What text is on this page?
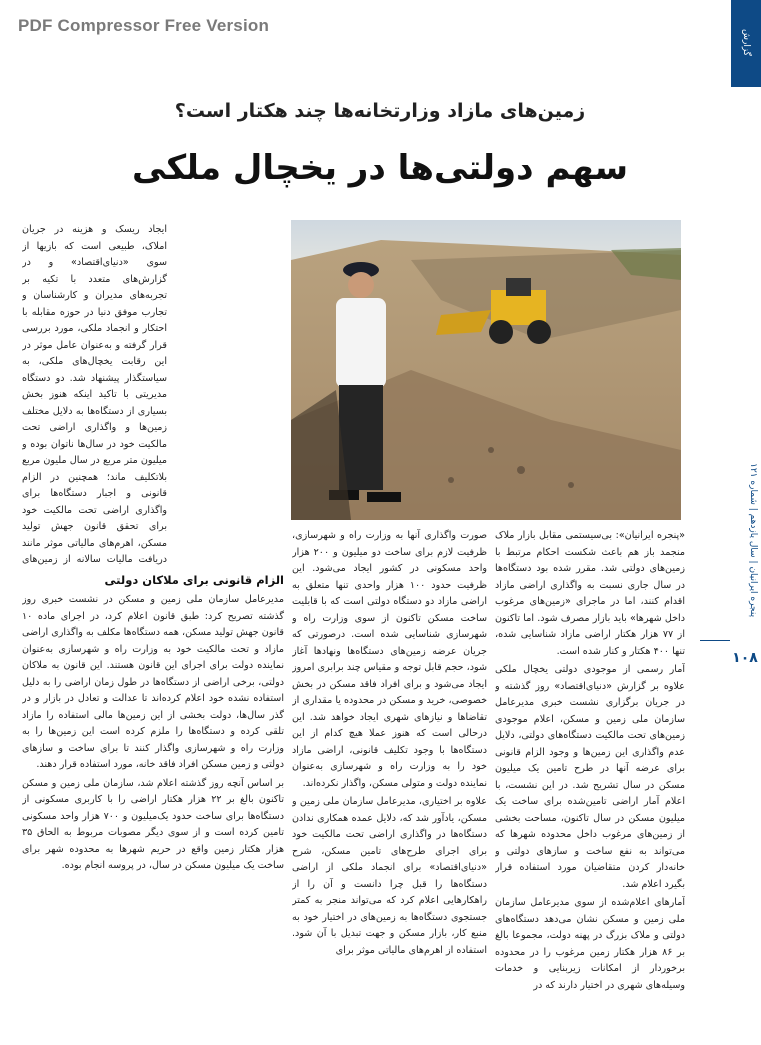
PDF Compressor Free Version
گزارش
پنجره ایرانیان | سال یازدهم | شماره ۱۲۱
۱۰۸
زمین‌های مازاد وزارتخانه‌ها چند هکتار است؟
سهم دولتی‌ها در یخچال ملکی
الزام قانونی برای ملاکان دولتی

مدیرعامل سازمان ملی زمین و مسکن در نشست خبری روز گذشته تصریح کرد: طبق قانون اعلام کرد، در اجرای ماده ۱۰ قانون جهش تولید مسکن، همه دستگاه‌ها مکلف به واگذاری اراضی مازاد و تحت مالکیت خود به وزارت راه و شهرسازی به‌عنوان نماینده دولت برای اجرای این قانون هستند. این قانون به ملاکان دولتی، برخی اراضی از دستگاه‌ها در طول زمان اراضی را به دلیل استفاده نشده خود اعلام کرده‌اند تا عدالت و تعادل در بازار و در گذر سال‌ها، دولت بخشی از این زمین‌ها مالی استفاده را مازاد تلقی کرده و دستگاه‌ها را ملزم کرده است این زمین‌ها را به وزارت راه و شهرسازی واگذار کنند تا برای ساخت و سازهای دولتی و زمین مسکن افراد فاقد خانه، مورد استفاده قرار دهند.

بر اساس آنچه روز گذشته اعلام شد، سازمان ملی زمین و مسکن تاکنون بالغ بر ۲۲ هزار هکتار اراضی را با کاربری مسکونی از دستگاه‌ها برای ساخت حدود یک‌میلیون و ۷۰۰ هزار واحد مسکونی تامین کرده است و از سوی دیگر مصوبات مربوط به الحاق ۳۵ هزار هکتار زمین واقع در حریم شهرها به محدوده شهر برای ساخت یک میلیون مسکن در سال، در پروسه انجام بوده.

ایجاد ریسک و هزینه در جریان املاک، طبیعی است که بازیها از سوی «دنیای‌اقتصاد» و در گزارش‌های متعدد با تکیه بر تجربه‌های مدیران و کارشناسان و تجارب موفق دنیا در حوزه مقابله با احتکار و انجماد ملکی، مورد بررسی قرار گرفته و به‌عنوان عامل موثر در این رقابت یخچال‌های ملکی، به سیاستگذار پیشنهاد شد. دو دستگاه مدیریتی با تاکید اینکه هنوز بخش بسیاری از دستگاه‌ها به دلایل مختلف زمین‌ها و واگذاری اراضی تحت مالکیت خود در سال‌ها ناتوان بوده و میلیون متر مربع در سال ملیون مربع بلاتکلیف ماند؛ همچنین در الزام قانونی و اجبار دستگاه‌ها برای واگذاری اراضی تحت مالکیت خود برای تحقق قانون جهش تولید مسکن، اهرم‌های مالیاتی موثر مانند دریافت مالیات سالانه از زمین‌های

صورت واگذاری آنها به وزارت راه و شهرسازی، ظرفیت لازم برای ساخت دو میلیون و ۲۰۰ هزار واحد مسکونی در کشور ایجاد می‌شود. این ظرفیت حدود ۱۰۰ هزار واحدی تنها متعلق به اراضی مازاد دو دستگاه دولتی است که با قابلیت ساخت مسکن تاکنون از سوی وزارت راه و شهرسازی شناسایی شده است. درصورتی که جریان عرضه زمین‌های دستگاه‌ها ونهادها آغاز شود، حجم قابل توجه و مقیاس چند برابری امروز ایجاد می‌شود و برای افراد فاقد مسکن در بخش خصوصی، خرید و مسکن در محدوده یا مقداری از تقاضاها و نیازهای شهری ایجاد خواهد شد. این درحالی است که هنوز عملا هیچ کدام از این دستگاه‌ها با وجود تکلیف قانونی، اراضی مازاد خود را به وزارت راه و شهرسازی به‌عنوان نماینده دولت و متولی مسکن، واگذار نکرده‌اند.

علاوه بر اختیاری، مدیرعامل سازمان ملی زمین و مسکن، یادآور شد که، دلایل عمده همکاری ندادن دستگاه‌ها در واگذاری اراضی تحت مالکیت خود برای اجرای طرح‌های تامین مسکن، شرح «دنیای‌اقتصاد» برای انجماد ملکی از اراضی دستگاه‌ها را قبل چرا دانست و آن را از راهکارهایی اعلام کرد که می‌تواند منجر به کمتر جستجوی دستگاه‌ها به زمین‌های در اختیار خود به منبع کار، بازار مسکن و جهت تبدیل با آن شود. استفاده از اهرم‌های مالیاتی موثر برای

«پنجره ایرانیان»: بی‌سیستمی مقابل بازار ملاک منجمد باز هم باعث شکست احکام مرتبط با زمین‌های دولتی شد. مقرر شده بود دستگاه‌ها در سال جاری نسبت به واگذاری اراضی مازاد اقدام کنند، اما در ماجرای «زمین‌های مرغوب داخل شهرها» باید بازار مصرف شود. اما تاکنون از ۷۷ هزار هکتار اراضی مازاد شناسایی شده، تنها ۴۰۰ هکتار و کنار شده است.

آمار رسمی از موجودی دولتی یخچال ملکی علاوه بر گزارش «دنیای‌اقتصاد» روز گذشته و در جریان برگزاری نشست خبری مدیرعامل سازمان ملی زمین و مسکن، اعلام موجودی زمین‌های تحت مالکیت دستگاه‌های دولتی، دلایل عدم واگذاری این زمین‌ها و وجود الزام قانونی برای عرضه آنها در طرح تامین یک میلیون مسکن در سال تشریح شد. در این نشست، با اعلام آمار اراضی تامین‌شده برای ساخت یک میلیون مسکن در سال تاکنون، مساحت بخشی از زمین‌های مرغوب داخل محدوده شهرها که می‌تواند به نفع ساخت و سازهای دولتی و خانه‌دار کردن متقاضیان مورد استفاده قرار بگیرد اعلام شد.

آمارهای اعلام‌شده از سوی مدیرعامل سازمان ملی زمین و مسکن نشان می‌دهد دستگاه‌های دولتی و ملاک بزرگ در پهنه دولت، مجموعا بالغ بر ۸۶ هزار هکتار زمین مرغوب را در محدوده برخوردار از امکانات زیربنایی و خدمات وسیله‌های شهری در اختیار دارند که در
